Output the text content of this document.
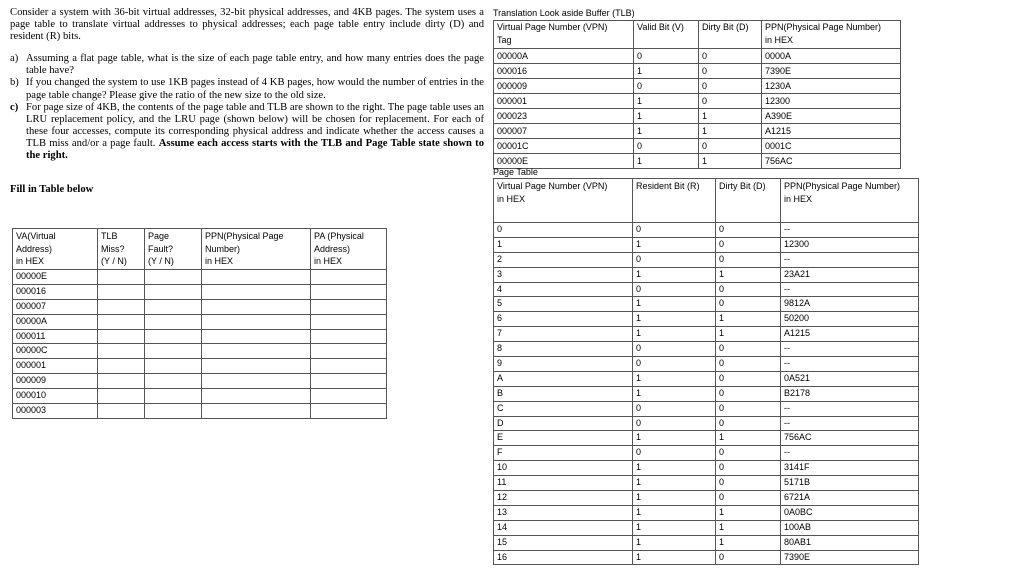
Consider a system with 36-bit virtual addresses, 32-bit physical addresses, and 4KB pages. The system uses a page table to translate virtual addresses to physical addresses; each page table entry include dirty (D) and resident (R) bits.

a) Assuming a flat page table, what is the size of each page table entry, and how many entries does the page table have?
b) If you changed the system to use 1KB pages instead of 4 KB pages, how would the number of entries in the page table change? Please give the ratio of the new size to the old size.
c) For page size of 4KB, the contents of the page table and TLB are shown to the right. The page table uses an LRU replacement policy, and the LRU page (shown below) will be chosen for replacement. For each of these four accesses, compute its corresponding physical address and indicate whether the access causes a TLB miss and/or a page fault. Assume each access starts with the TLB and Page Table state shown to the right.

Fill in Table below

VA(Virtual
Address)
in HEX	TLB
Miss?
(Y / N)	Page
Fault?
(Y / N)	PPN(Physical Page
Number)
in HEX	PA (Physical
Address)
in HEX
00000E				
000016				
000007				
00000A				
000011				
00000C				
000001				
000009				
000010				
000003				
Translation Look aside Buffer (TLB)
Virtual Page Number (VPN)
Tag	Valid Bit (V)	Dirty Bit (D)	PPN(Physical Page Number)
in HEX
00000A	0	0	0000A
000016	1	0	7390E
000009	0	0	1230A
000001	1	0	12300
000023	1	1	A390E
000007	1	1	A1215
00001C	0	0	0001C
00000E	1	1	756AC
Page Table
Virtual Page Number (VPN)
in HEX	Resident Bit (R)	Dirty Bit (D)	PPN(Physical Page Number)
in HEX
0	0	0	--
1	1	0	12300
2	0	0	--
3	1	1	23A21
4	0	0	--
5	1	0	9812A
6	1	1	50200
7	1	1	A1215
8	0	0	--
9	0	0	--
A	1	0	0A521
B	1	0	B2178
C	0	0	--
D	0	0	--
E	1	1	756AC
F	0	0	--
10	1	0	3141F
11	1	0	5171B
12	1	0	6721A
13	1	1	0A0BC
14	1	1	100AB
15	1	1	80AB1
16	1	0	7390E
